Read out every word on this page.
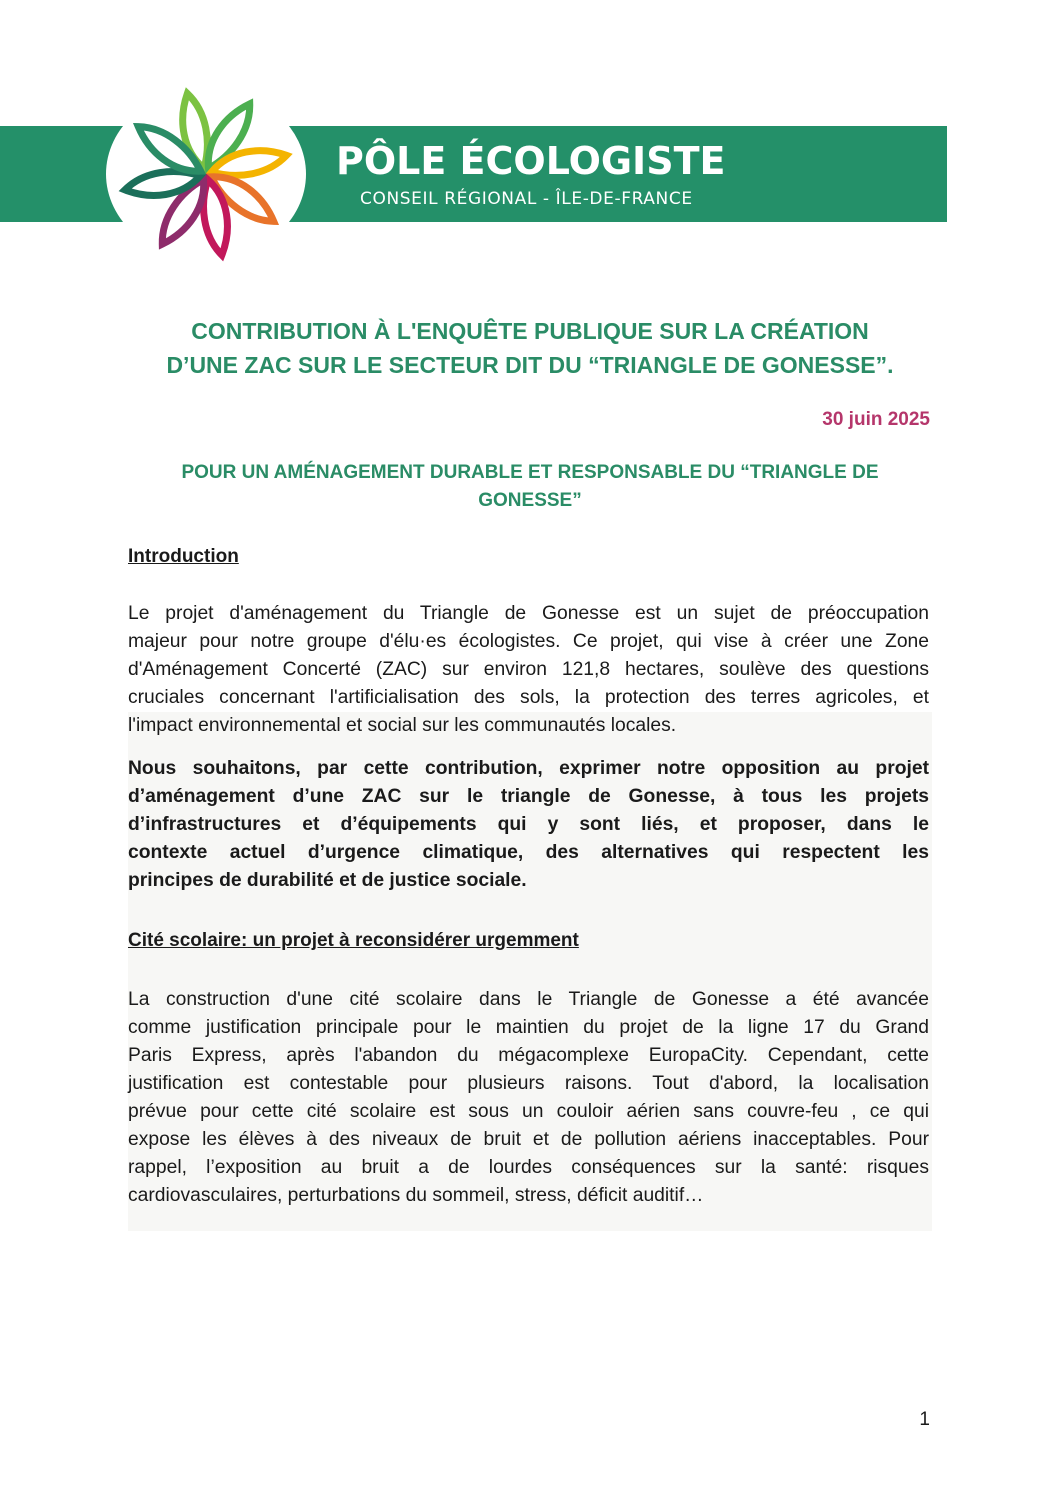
PÔLE ÉCOLOGISTE
CONSEIL RÉGIONAL - ÎLE-DE-FRANCE
CONTRIBUTION À L'ENQUÊTE PUBLIQUE SUR LA CRÉATION
D’UNE ZAC SUR LE SECTEUR DIT DU “TRIANGLE DE GONESSE”.
30 juin 2025
POUR UN AMÉNAGEMENT DURABLE ET RESPONSABLE DU “TRIANGLE DE
GONESSE”
Introduction
Le projet d'aménagement du Triangle de Gonesse est un sujet de préoccupation
majeur pour notre groupe d'élu·es écologistes. Ce projet, qui vise à créer une Zone
d'Aménagement Concerté (ZAC) sur environ 121,8 hectares, soulève des questions
cruciales concernant l'artificialisation des sols, la protection des terres agricoles, et
l'impact environnemental et social sur les communautés locales.
Nous souhaitons, par cette contribution, exprimer notre opposition au projet
d’aménagement d’une ZAC sur le triangle de Gonesse, à tous les projets
d’infrastructures et d’équipements qui y sont liés, et proposer, dans le
contexte actuel d’urgence climatique, des alternatives qui respectent les
principes de durabilité et de justice sociale.
Cité scolaire: un projet à reconsidérer urgemment
La construction d'une cité scolaire dans le Triangle de Gonesse a été avancée
comme justification principale pour le maintien du projet de la ligne 17 du Grand
Paris Express, après l'abandon du mégacomplexe EuropaCity. Cependant, cette
justification est contestable pour plusieurs raisons. Tout d'abord, la localisation
prévue pour cette cité scolaire est sous un couloir aérien sans couvre-feu , ce qui
expose les élèves à des niveaux de bruit et de pollution aériens inacceptables. Pour
rappel, l’exposition au bruit a de lourdes conséquences sur la santé: risques
cardiovasculaires, perturbations du sommeil, stress, déficit auditif…
1
